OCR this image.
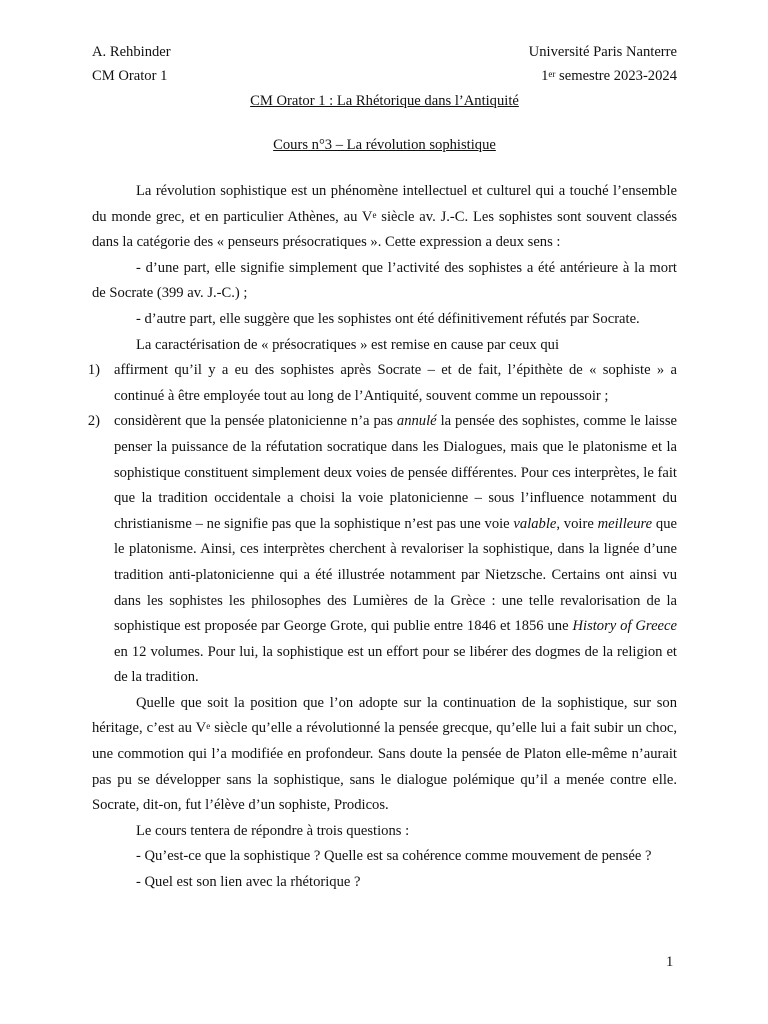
A. Rehbinder	Université Paris Nanterre
CM Orator 1	1er semestre 2023-2024
CM Orator 1 : La Rhétorique dans l’Antiquité
Cours n°3 – La révolution sophistique

La révolution sophistique est un phénomène intellectuel et culturel qui a touché l’ensemble du monde grec, et en particulier Athènes, au Ve siècle av. J.-C. Les sophistes sont souvent classés dans la catégorie des « penseurs présocratiques ». Cette expression a deux sens :

- d’une part, elle signifie simplement que l’activité des sophistes a été antérieure à la mort de Socrate (399 av. J.-C.) ;

- d’autre part, elle suggère que les sophistes ont été définitivement réfutés par Socrate.

La caractérisation de « présocratiques » est remise en cause par ceux qui

1) affirment qu’il y a eu des sophistes après Socrate – et de fait, l’épithète de « sophiste » a continué à être employée tout au long de l’Antiquité, souvent comme un repoussoir ;
2) considèrent que la pensée platonicienne n’a pas annulé la pensée des sophistes, comme le laisse penser la puissance de la réfutation socratique dans les Dialogues, mais que le platonisme et la sophistique constituent simplement deux voies de pensée différentes. Pour ces interprètes, le fait que la tradition occidentale a choisi la voie platonicienne – sous l’influence notamment du christianisme – ne signifie pas que la sophistique n’est pas une voie valable, voire meilleure que le platonisme. Ainsi, ces interprètes cherchent à revaloriser la sophistique, dans la lignée d’une tradition anti-platonicienne qui a été illustrée notamment par Nietzsche. Certains ont ainsi vu dans les sophistes les philosophes des Lumières de la Grèce : une telle revalorisation de la sophistique est proposée par George Grote, qui publie entre 1846 et 1856 une History of Greece en 12 volumes. Pour lui, la sophistique est un effort pour se libérer des dogmes de la religion et de la tradition.

Quelle que soit la position que l’on adopte sur la continuation de la sophistique, sur son héritage, c’est au Ve siècle qu’elle a révolutionné la pensée grecque, qu’elle lui a fait subir un choc, une commotion qui l’a modifiée en profondeur. Sans doute la pensée de Platon elle-même n’aurait pas pu se développer sans la sophistique, sans le dialogue polémique qu’il a menée contre elle. Socrate, dit-on, fut l’élève d’un sophiste, Prodicos.

Le cours tentera de répondre à trois questions :

- Qu’est-ce que la sophistique ? Quelle est sa cohérence comme mouvement de pensée ?

- Quel est son lien avec la rhétorique ?

1
